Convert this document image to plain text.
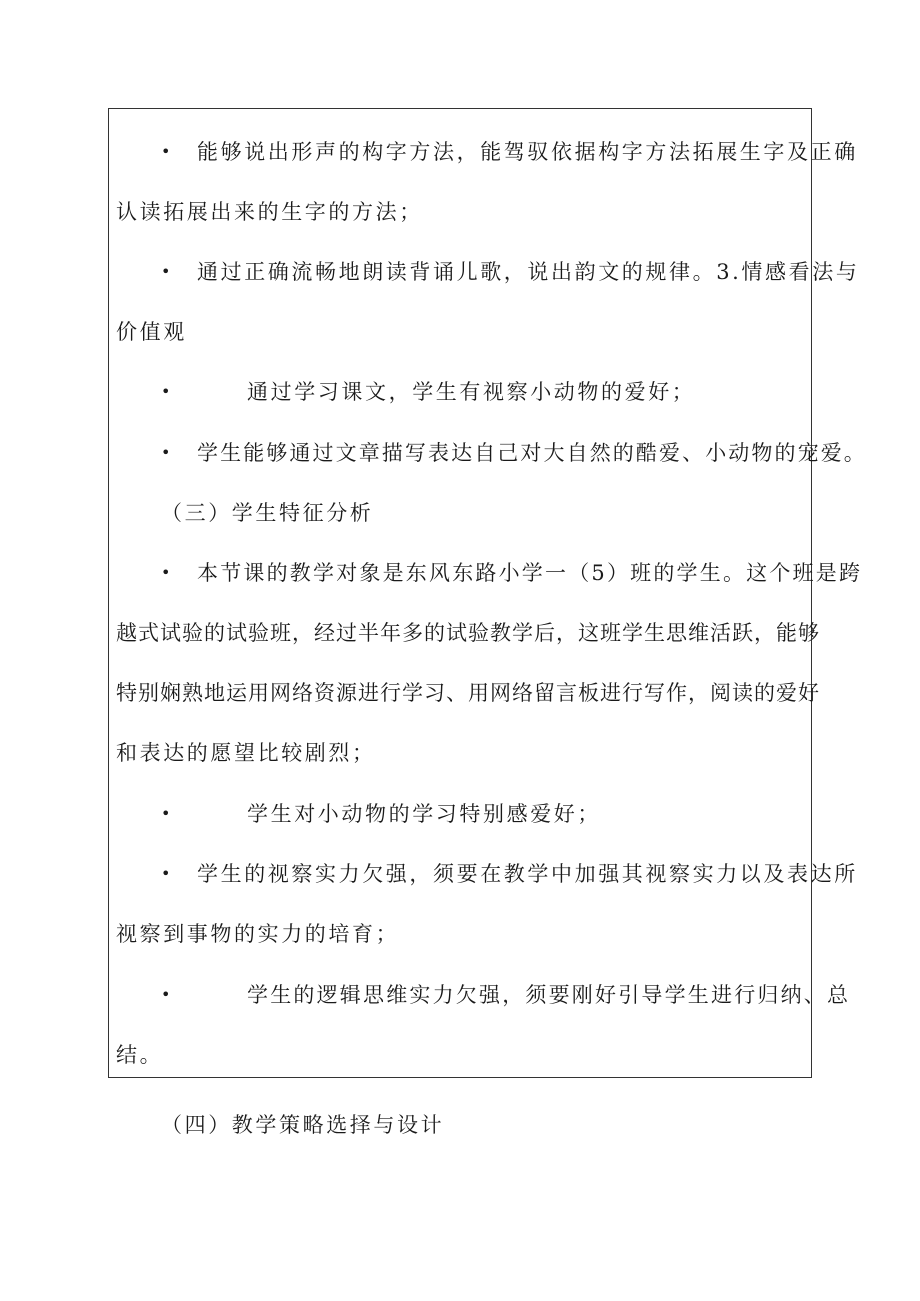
• 能够说出形声的构字方法，能驾驭依据构字方法拓展生字及正确
认读拓展出来的生字的方法；
• 通过正确流畅地朗读背诵儿歌，说出韵文的规律。3.情感看法与
价值观
•	通过学习课文，学生有视察小动物的爱好；
• 学生能够通过文章描写表达自己对大自然的酷爱、小动物的宠爱。
（三）学生特征分析
• 本节课的教学对象是东风东路小学一（5）班的学生。这个班是跨
越式试验的试验班，经过半年多的试验教学后，这班学生思维活跃，能够
特别娴熟地运用网络资源进行学习、用网络留言板进行写作，阅读的爱好
和表达的愿望比较剧烈；
•	学生对小动物的学习特别感爱好；
• 学生的视察实力欠强，须要在教学中加强其视察实力以及表达所
视察到事物的实力的培育；
•	学生的逻辑思维实力欠强，须要刚好引导学生进行归纳、总
结。
（四）教学策略选择与设计
